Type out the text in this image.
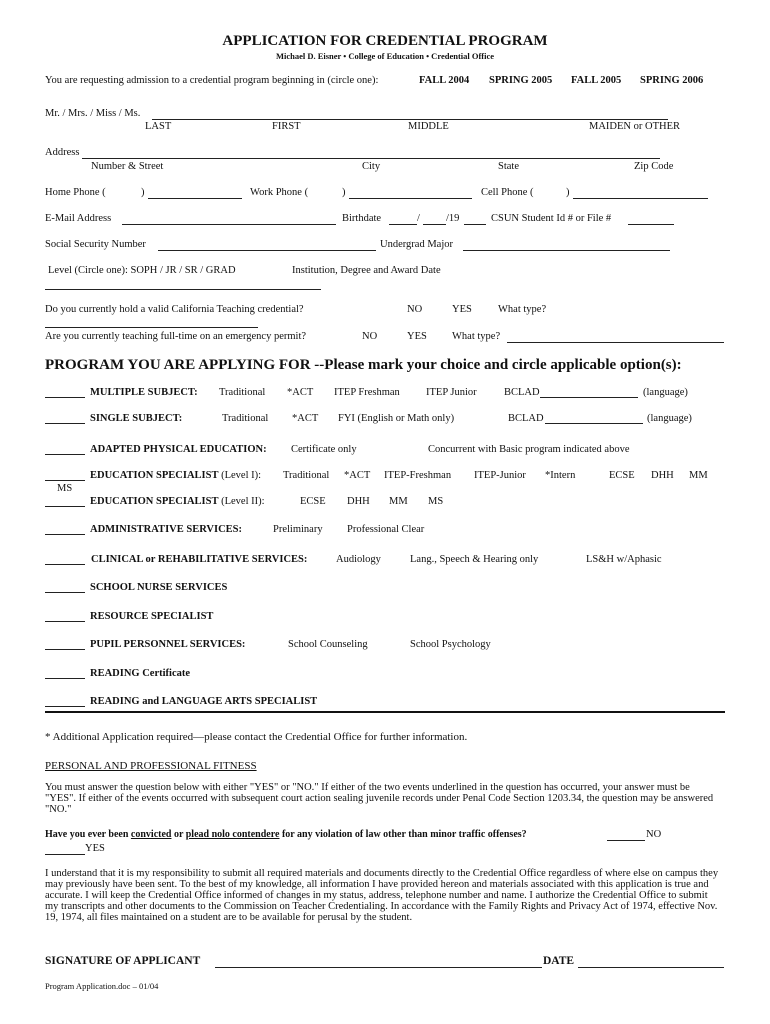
APPLICATION FOR CREDENTIAL PROGRAM
Michael D. Eisner • College of Education • Credential Office
You are requesting admission to a credential program beginning in (circle one):	FALL 2004 SPRING 2005 FALL 2005 SPRING 2006
Mr. / Mrs. / Miss / Ms.
LAST	FIRST	MIDDLE	MAIDEN or OTHER
Address
Number & Street	City	State	Zip Code
Home Phone (	)	Work Phone (	)	Cell Phone (	)
E-Mail Address	Birthdate	/ /19	CSUN Student Id # or File #
Social Security Number	Undergrad Major
Level (Circle one): SOPH / JR / SR / GRAD	Institution, Degree and Award Date
Do you currently hold a valid California Teaching credential?	NO	YES What type?
Are you currently teaching full-time on an emergency permit?	NO	YES What type?
PROGRAM YOU ARE APPLYING FOR --Please mark your choice and circle applicable option(s):
MULTIPLE SUBJECT: Traditional *ACT ITEP Freshman ITEP Junior	BCLAD	(language)
SINGLE SUBJECT:	Traditional *ACT FYI (English or Math only)	BCLAD	(language)
ADAPTED PHYSICAL EDUCATION: Certificate only	Concurrent with Basic program indicated above
EDUCATION SPECIALIST (Level I): Traditional *ACT ITEP-Freshman ITEP-Junior *Intern	ECSE DHH MM
MS
EDUCATION SPECIALIST (Level II):	ECSE DHH MM MS
ADMINISTRATIVE SERVICES:	Preliminary Professional Clear
CLINICAL or REHABILITATIVE SERVICES:	Audiology	Lang., Speech & Hearing only	LS&H w/Aphasic
SCHOOL NURSE SERVICES
RESOURCE SPECIALIST
PUPIL PERSONNEL SERVICES:	School Counseling	School Psychology
READING Certificate
READING and LANGUAGE ARTS SPECIALIST
* Additional Application required—please contact the Credential Office for further information.
PERSONAL AND PROFESSIONAL FITNESS
You must answer the question below with either "YES" or "NO." If either of the two events underlined in the question has occurred, your answer must be "YES". If either of the events occurred with subsequent court action sealing juvenile records under Penal Code Section 1203.34, the question may be answered "NO."
Have you ever been convicted or plead nolo contendere for any violation of law other than minor traffic offenses?	NO
YES
I understand that it is my responsibility to submit all required materials and documents directly to the Credential Office regardless of where else on campus they may previously have been sent. To the best of my knowledge, all information I have provided hereon and materials associated with this application is true and accurate. I will keep the Credential Office informed of changes in my status, address, telephone number and name. I authorize the Credential Office to submit my transcripts and other documents to the Commission on Teacher Credentialing. In accordance with the Family Rights and Privacy Act of 1974, effective Nov. 19, 1974, all files maintained on a student are to be available for perusal by the student.
SIGNATURE OF APPLICANT	DATE
Program Application.doc – 01/04
